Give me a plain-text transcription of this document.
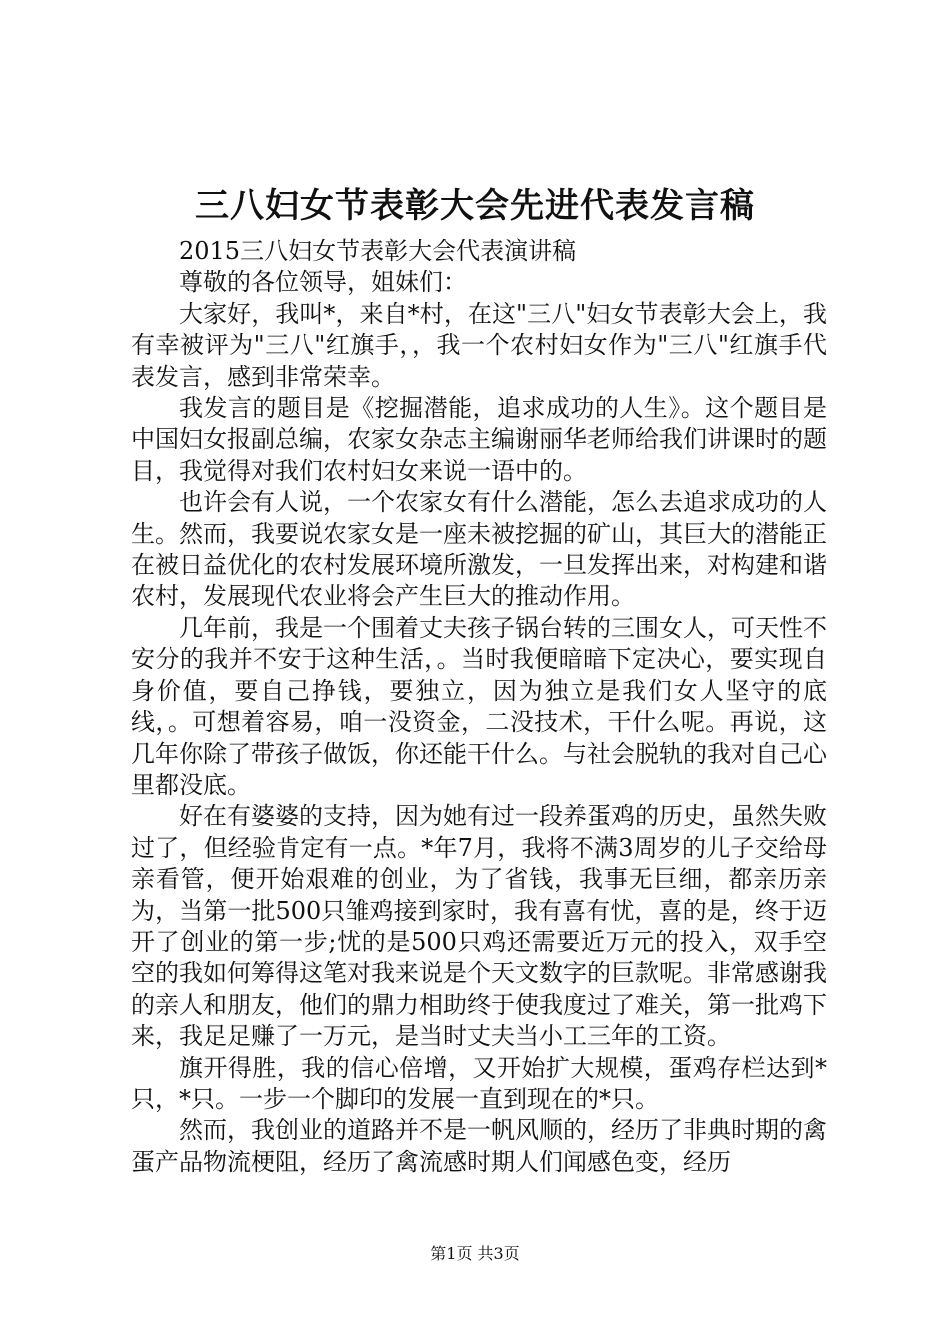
三八妇女节表彰大会先进代表发言稿

2015三八妇女节表彰大会代表演讲稿

尊敬的各位领导，姐妹们：

大家好，我叫*，来自*村，在这"三八"妇女节表彰大会上，我有幸被评为"三八"红旗手，，我一个农村妇女作为"三八"红旗手代表发言，感到非常荣幸。

我发言的题目是《挖掘潜能，追求成功的人生》。这个题目是中国妇女报副总编，农家女杂志主编谢丽华老师给我们讲课时的题目，我觉得对我们农村妇女来说一语中的。

也许会有人说，一个农家女有什么潜能，怎么去追求成功的人生。然而，我要说农家女是一座未被挖掘的矿山，其巨大的潜能正在被日益优化的农村发展环境所激发，一旦发挥出来，对构建和谐农村，发展现代农业将会产生巨大的推动作用。

几年前，我是一个围着丈夫孩子锅台转的三围女人，可天性不安分的我并不安于这种生活，。当时我便暗暗下定决心，要实现自身价值，要自己挣钱，要独立，因为独立是我们女人坚守的底线，。可想着容易，咱一没资金，二没技术，干什么呢。再说，这几年你除了带孩子做饭，你还能干什么。与社会脱轨的我对自己心里都没底。

好在有婆婆的支持，因为她有过一段养蛋鸡的历史，虽然失败过了，但经验肯定有一点。*年7月，我将不满3周岁的儿子交给母亲看管，便开始艰难的创业，为了省钱，我事无巨细，都亲历亲为，当第一批500只雏鸡接到家时，我有喜有忧，喜的是，终于迈开了创业的第一步;忧的是500只鸡还需要近万元的投入，双手空空的我如何筹得这笔对我来说是个天文数字的巨款呢。非常感谢我的亲人和朋友，他们的鼎力相助终于使我度过了难关，第一批鸡下来，我足足赚了一万元，是当时丈夫当小工三年的工资。

旗开得胜，我的信心倍增，又开始扩大规模，蛋鸡存栏达到*只，*只。一步一个脚印的发展一直到现在的*只。

然而，我创业的道路并不是一帆风顺的，经历了非典时期的禽蛋产品物流梗阻，经历了禽流感时期人们闻感色变，经历

第1页 共3页
